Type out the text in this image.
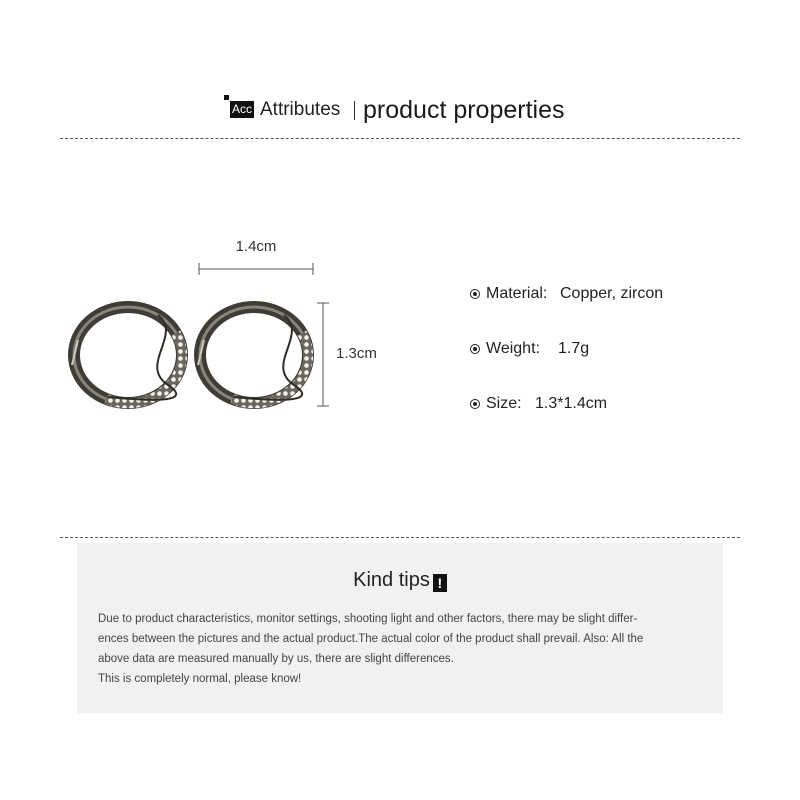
Acc Attributes product properties
1.4cm
1.3cm
Material: Copper, zircon
Weight: 1.7g
Size: 1.3*1.4cm
Kind tips !

Due to product characteristics, monitor settings, shooting light and other factors, there may be slight differ-

ences between the pictures and the actual product.The actual color of the product shall prevail. Also: All the

above data are measured manually by us, there are slight differences.

This is completely normal, please know!
